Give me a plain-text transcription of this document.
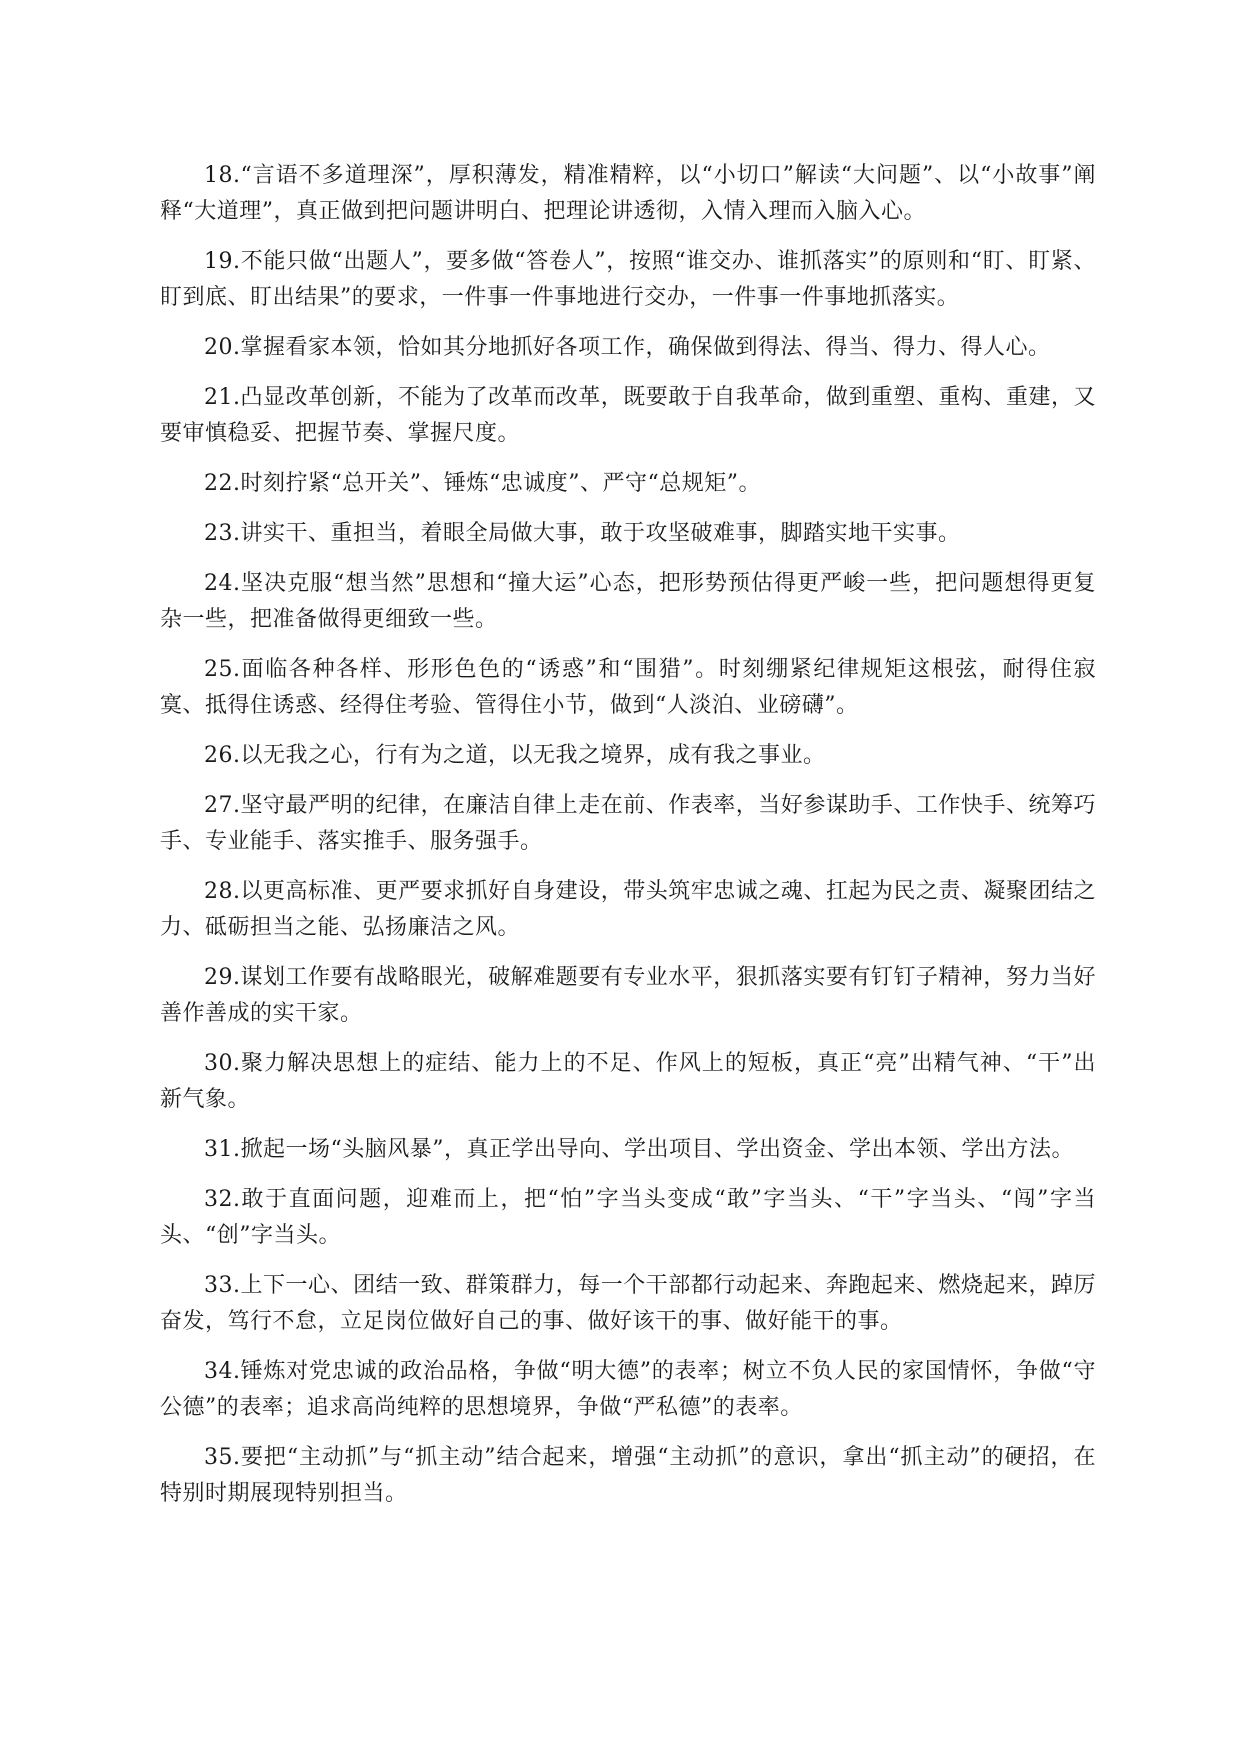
18.“言语不多道理深”，厚积薄发，精准精粹，以“小切口”解读“大问题”、以“小故事”阐释“大道理”，真正做到把问题讲明白、把理论讲透彻，入情入理而入脑入心。

19.不能只做“出题人”，要多做“答卷人”，按照“谁交办、谁抓落实”的原则和“盯、盯紧、盯到底、盯出结果”的要求，一件事一件事地进行交办，一件事一件事地抓落实。

20.掌握看家本领，恰如其分地抓好各项工作，确保做到得法、得当、得力、得人心。

21.凸显改革创新，不能为了改革而改革，既要敢于自我革命，做到重塑、重构、重建，又要审慎稳妥、把握节奏、掌握尺度。

22.时刻拧紧“总开关”、锤炼“忠诚度”、严守“总规矩”。

23.讲实干、重担当，着眼全局做大事，敢于攻坚破难事，脚踏实地干实事。

24.坚决克服“想当然”思想和“撞大运”心态，把形势预估得更严峻一些，把问题想得更复杂一些，把准备做得更细致一些。

25.面临各种各样、形形色色的“诱惑”和“围猎”。时刻绷紧纪律规矩这根弦，耐得住寂寞、抵得住诱惑、经得住考验、管得住小节，做到“人淡泊、业磅礴”。

26.以无我之心，行有为之道，以无我之境界，成有我之事业。

27.坚守最严明的纪律，在廉洁自律上走在前、作表率，当好参谋助手、工作快手、统筹巧手、专业能手、落实推手、服务强手。

28.以更高标准、更严要求抓好自身建设，带头筑牢忠诚之魂、扛起为民之责、凝聚团结之力、砥砺担当之能、弘扬廉洁之风。

29.谋划工作要有战略眼光，破解难题要有专业水平，狠抓落实要有钉钉子精神，努力当好善作善成的实干家。

30.聚力解决思想上的症结、能力上的不足、作风上的短板，真正“亮”出精气神、“干”出新气象。

31.掀起一场“头脑风暴”，真正学出导向、学出项目、学出资金、学出本领、学出方法。

32.敢于直面问题，迎难而上，把“怕”字当头变成“敢”字当头、“干”字当头、“闯”字当头、“创”字当头。

33.上下一心、团结一致、群策群力，每一个干部都行动起来、奔跑起来、燃烧起来，踔厉奋发，笃行不怠，立足岗位做好自己的事、做好该干的事、做好能干的事。

34.锤炼对党忠诚的政治品格，争做“明大德”的表率；树立不负人民的家国情怀，争做“守公德”的表率；追求高尚纯粹的思想境界，争做“严私德”的表率。

35.要把“主动抓”与“抓主动”结合起来，增强“主动抓”的意识，拿出“抓主动”的硬招，在特别时期展现特别担当。
